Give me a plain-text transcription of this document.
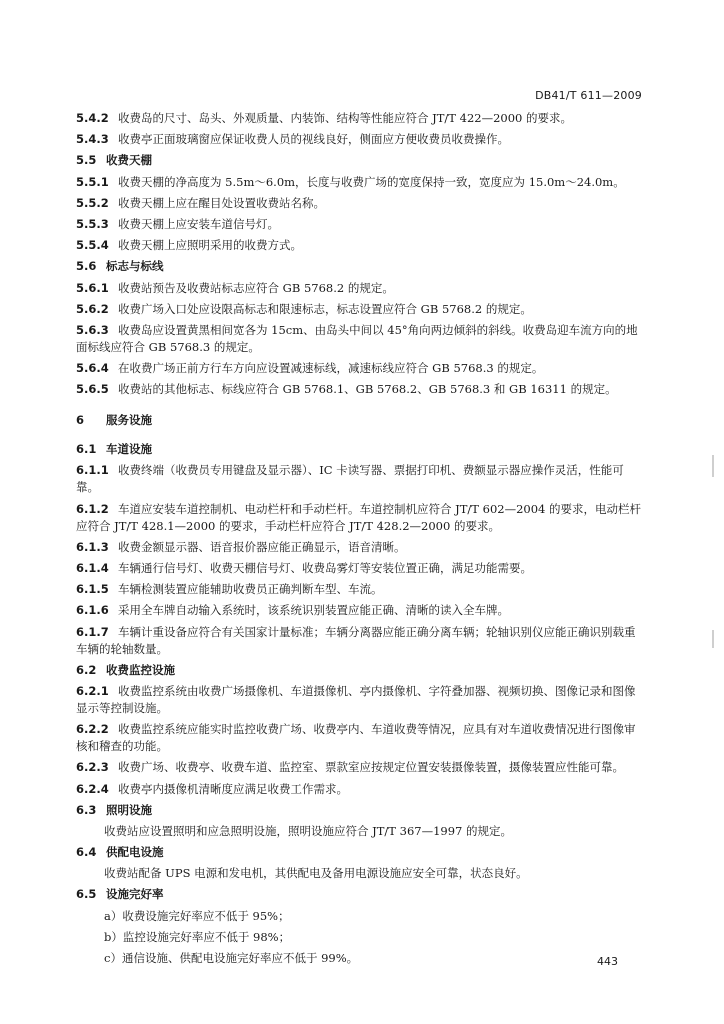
DB41/T 611—2009
5.4.2 收费岛的尺寸、岛头、外观质量、内装饰、结构等性能应符合 JT/T 422—2000 的要求。
5.4.3 收费亭正面玻璃窗应保证收费人员的视线良好，侧面应方便收费员收费操作。
5.5 收费天棚
5.5.1 收费天棚的净高度为 5.5m～6.0m，长度与收费广场的宽度保持一致，宽度应为 15.0m～24.0m。
5.5.2 收费天棚上应在醒目处设置收费站名称。
5.5.3 收费天棚上应安装车道信号灯。
5.5.4 收费天棚上应照明采用的收费方式。
5.6 标志与标线
5.6.1 收费站预告及收费站标志应符合 GB 5768.2 的规定。
5.6.2 收费广场入口处应设限高标志和限速标志，标志设置应符合 GB 5768.2 的规定。
5.6.3 收费岛应设置黄黑相间宽各为 15cm、由岛头中间以 45°角向两边倾斜的斜线。收费岛迎车流方向的地面标线应符合 GB 5768.3 的规定。
5.6.4 在收费广场正前方行车方向应设置减速标线，减速标线应符合 GB 5768.3 的规定。
5.6.5 收费站的其他标志、标线应符合 GB 5768.1、GB 5768.2、GB 5768.3 和 GB 16311 的规定。
6 服务设施
6.1 车道设施
6.1.1 收费终端（收费员专用键盘及显示器）、IC 卡读写器、票据打印机、费额显示器应操作灵活，性能可靠。
6.1.2 车道应安装车道控制机、电动栏杆和手动栏杆。车道控制机应符合 JT/T 602—2004 的要求，电动栏杆应符合 JT/T 428.1—2000 的要求，手动栏杆应符合 JT/T 428.2—2000 的要求。
6.1.3 收费金额显示器、语音报价器应能正确显示，语音清晰。
6.1.4 车辆通行信号灯、收费天棚信号灯、收费岛雾灯等安装位置正确，满足功能需要。
6.1.5 车辆检测装置应能辅助收费员正确判断车型、车流。
6.1.6 采用全车牌自动输入系统时，该系统识别装置应能正确、清晰的读入全车牌。
6.1.7 车辆计重设备应符合有关国家计量标准；车辆分离器应能正确分离车辆；轮轴识别仪应能正确识别载重车辆的轮轴数量。
6.2 收费监控设施
6.2.1 收费监控系统由收费广场摄像机、车道摄像机、亭内摄像机、字符叠加器、视频切换、图像记录和图像显示等控制设施。
6.2.2 收费监控系统应能实时监控收费广场、收费亭内、车道收费等情况，应具有对车道收费情况进行图像审核和稽查的功能。
6.2.3 收费广场、收费亭、收费车道、监控室、票款室应按规定位置安装摄像装置，摄像装置应性能可靠。
6.2.4 收费亭内摄像机清晰度应满足收费工作需求。
6.3 照明设施
收费站应设置照明和应急照明设施，照明设施应符合 JT/T 367—1997 的规定。
6.4 供配电设施
收费站配备 UPS 电源和发电机，其供配电及备用电源设施应安全可靠，状态良好。
6.5 设施完好率
a）收费设施完好率应不低于 95%；
b）监控设施完好率应不低于 98%；
c）通信设施、供配电设施完好率应不低于 99%。	443
